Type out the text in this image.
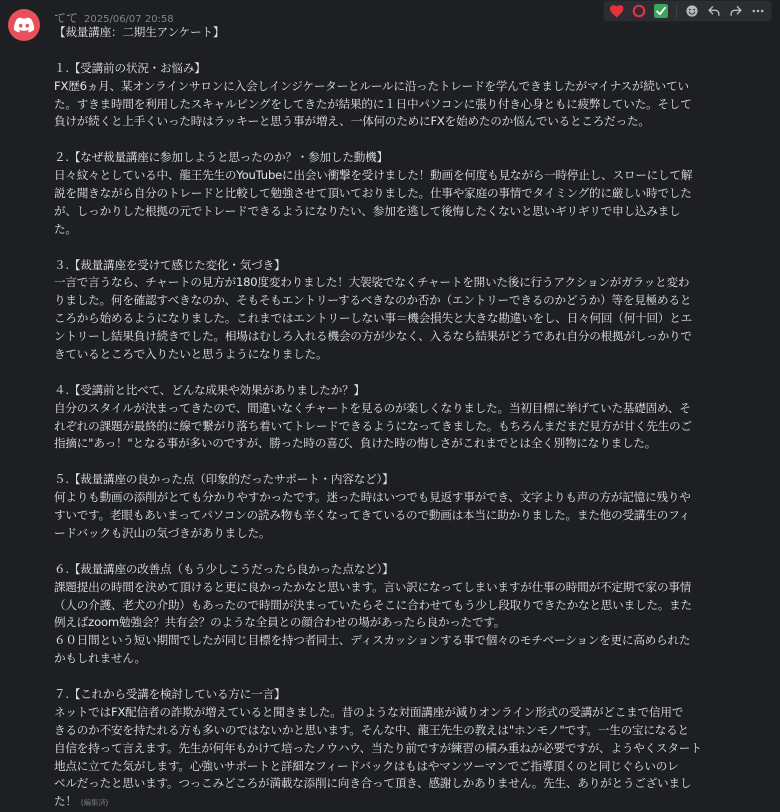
てて 2025/06/07 20:58
【裁量講座：二期生アンケート】
１.【受講前の状況・お悩み】
FX歴6ヵ月、某オンラインサロンに入会しインジケーターとルールに沿ったトレードを学んできましたがマイナスが続いてい
た。すきま時間を利用したスキャルピングをしてきたが結果的に１日中パソコンに張り付き心身ともに疲弊していた。そして
負けが続くと上手くいった時はラッキーと思う事が増え、一体何のためにFXを始めたのか悩んでいるところだった。
２.【なぜ裁量講座に参加しようと思ったのか？・参加した動機】
日々紋々としている中、龍王先生のYouTubeに出会い衝撃を受けました！動画を何度も見ながら一時停止し、スローにして解
説を聞きながら自分のトレードと比較して勉強させて頂いておりました。仕事や家庭の事情でタイミング的に厳しい時でした
が、しっかりした根拠の元でトレードできるようになりたい、参加を逃して後悔したくないと思いギリギリで申し込みまし
た。
３.【裁量講座を受けて感じた変化・気づき】
一言で言うなら、チャートの見方が180度変わりました！大袈裟でなくチャートを開いた後に行うアクションがガラッと変わ
りました。何を確認すべきなのか、そもそもエントリーするべきなのか否か（エントリーできるのかどうか）等を見極めると
ころから始めるようになりました。これまではエントリーしない事＝機会損失と大きな勘違いをし、日々何回（何十回）とエ
ントリーし結果負け続きでした。相場はむしろ入れる機会の方が少なく、入るなら結果がどうであれ自分の根拠がしっかりで
きているところで入りたいと思うようになりました。
４.【受講前と比べて、どんな成果や効果がありましたか？】
自分のスタイルが決まってきたので、間違いなくチャートを見るのが楽しくなりました。当初目標に挙げていた基礎固め、そ
れぞれの課題が最終的に線で繋がり落ち着いてトレードできるようになってきました。もちろんまだまだ見方が甘く先生のご
指摘に"あっ！"となる事が多いのですが、勝った時の喜び、負けた時の悔しさがこれまでとは全く別物になりました。
５.【裁量講座の良かった点（印象的だったサポート・内容など）】
何よりも動画の添削がとても分かりやすかったです。迷った時はいつでも見返す事ができ、文字よりも声の方が記憶に残りや
すいです。老眼もあいまってパソコンの読み物も辛くなってきているので動画は本当に助かりました。また他の受講生のフィ
ードバックも沢山の気づきがありました。
６.【裁量講座の改善点（もう少しこうだったら良かった点など）】
課題提出の時間を決めて頂けると更に良かったかなと思います。言い訳になってしまいますが仕事の時間が不定期で家の事情
（人の介護、老犬の介助）もあったので時間が決まっていたらそこに合わせてもう少し段取りできたかなと思いました。また
例えばzoom勉強会？共有会？のような全員との顔合わせの場があったら良かったです。
６０日間という短い期間でしたが同じ目標を持つ者同士、ディスカッションする事で個々のモチベーションを更に高められた
かもしれません。
７.【これから受講を検討している方に一言】
ネットではFX配信者の詐欺が増えていると聞きました。昔のような対面講座が減りオンライン形式の受講がどこまで信用で
きるのか不安を持たれる方も多いのではないかと思います。そんな中、龍王先生の教えは"ホンモノ"です。一生の宝になると
自信を持って言えます。先生が何年もかけて培ったノウハウ、当たり前ですが練習の積み重ねが必要ですが、ようやくスタート
地点に立てた気がします。心強いサポートと詳細なフィードバックはもはやマンツーマンでご指導頂くのと同じぐらいのレ
ベルだったと思います。つっこみどころが満載な添削に向き合って頂き、感謝しかありません。先生、ありがとうございまし
た！ (編集済)
